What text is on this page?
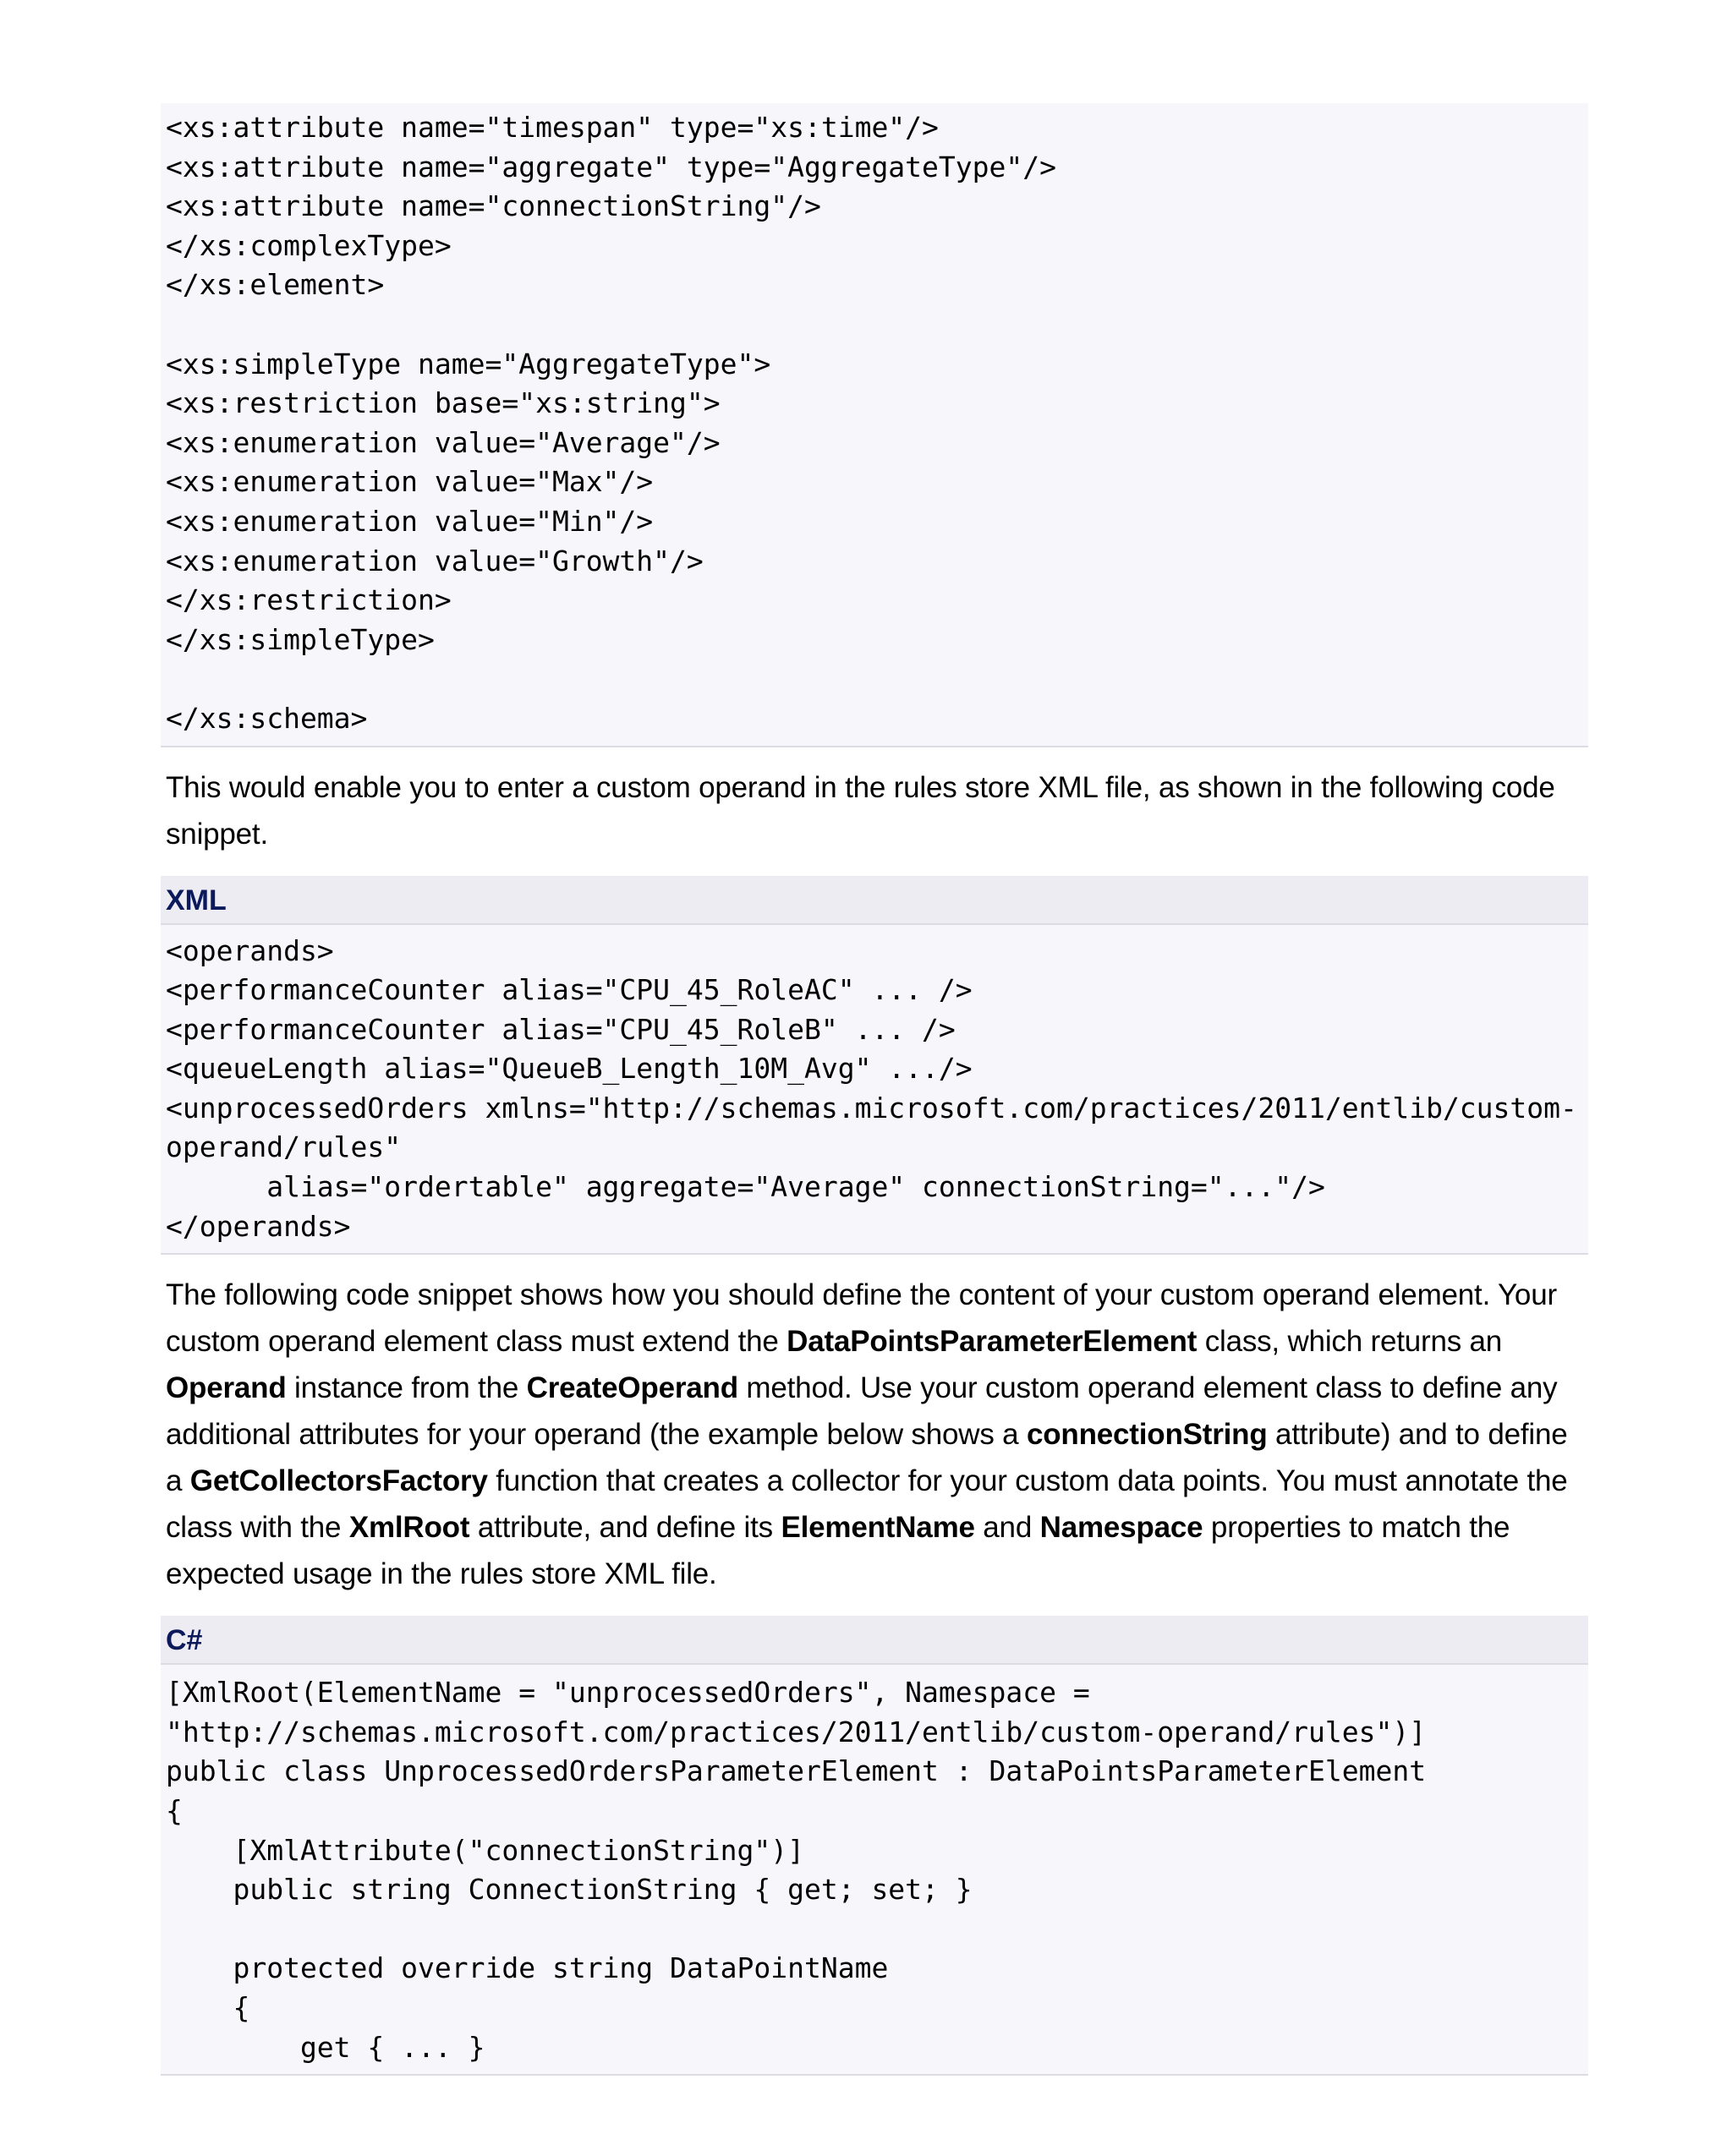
<xs:attribute name="timespan" type="xs:time"/>
<xs:attribute name="aggregate" type="AggregateType"/>
<xs:attribute name="connectionString"/>
</xs:complexType>
</xs:element>
<xs:simpleType name="AggregateType">
<xs:restriction base="xs:string">
<xs:enumeration value="Average"/>
<xs:enumeration value="Max"/>
<xs:enumeration value="Min"/>
<xs:enumeration value="Growth"/>
</xs:restriction>
</xs:simpleType>
</xs:schema>
This would enable you to enter a custom operand in the rules store XML file, as shown in the following code snippet.
XML
<operands>
<performanceCounter alias="CPU_45_RoleAC" ... />
<performanceCounter alias="CPU_45_RoleB" ... />
<queueLength alias="QueueB_Length_10M_Avg" .../>
<unprocessedOrders xmlns="http://schemas.microsoft.com/practices/2011/entlib/custom-
operand/rules"
alias="ordertable" aggregate="Average" connectionString="..."/>
</operands>
The following code snippet shows how you should define the content of your custom operand element. Your custom operand element class must extend the DataPointsParameterElement class, which returns an Operand instance from the CreateOperand method. Use your custom operand element class to define any additional attributes for your operand (the example below shows a connectionString attribute) and to define a GetCollectorsFactory function that creates a collector for your custom data points. You must annotate the class with the XmlRoot attribute, and define its ElementName and Namespace properties to match the expected usage in the rules store XML file.
C#
[XmlRoot(ElementName = "unprocessedOrders", Namespace =
"http://schemas.microsoft.com/practices/2011/entlib/custom-operand/rules")]
public class UnprocessedOrdersParameterElement : DataPointsParameterElement
{
[XmlAttribute("connectionString")]
public string ConnectionString { get; set; }
protected override string DataPointName
{
get { ... }
